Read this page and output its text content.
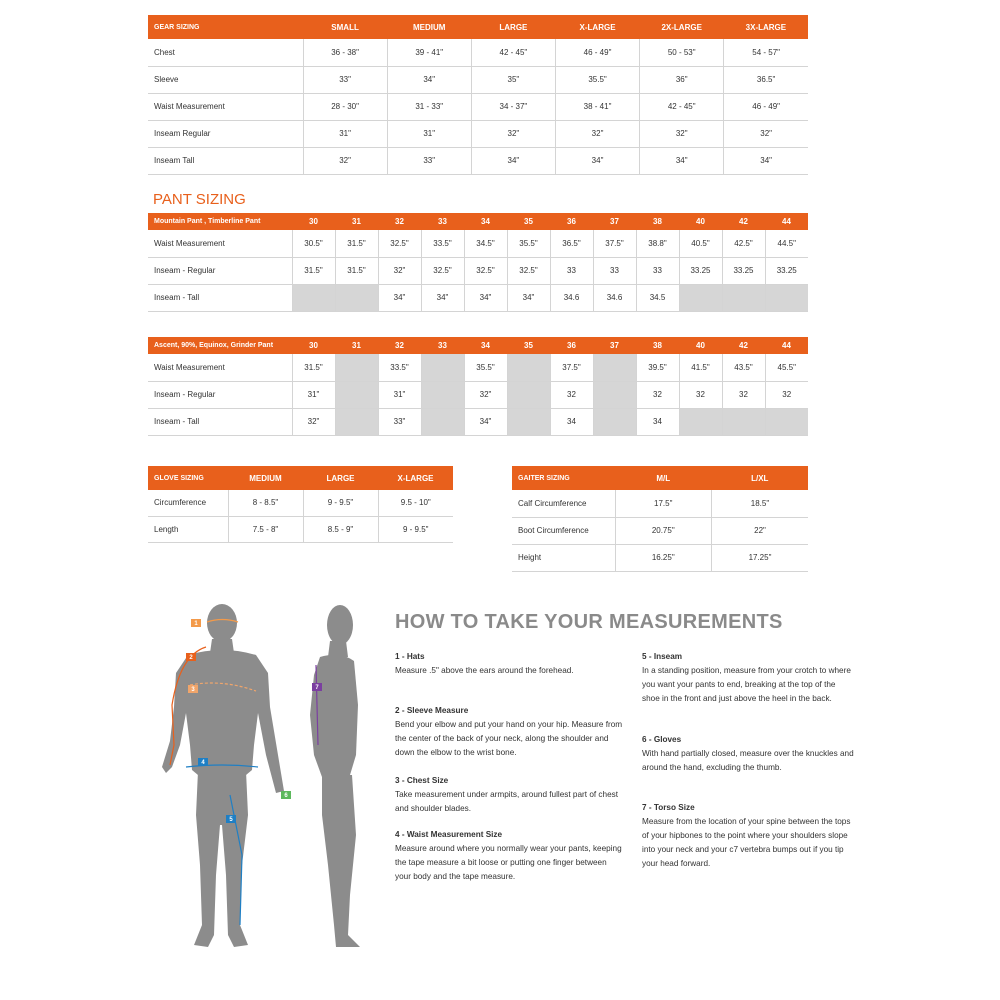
GEAR SIZING	SMALL	MEDIUM	LARGE	X-LARGE	2X-LARGE	3X-LARGE
Chest	36 - 38"	39 - 41"	42 - 45"	46 - 49"	50 - 53"	54 - 57"
Sleeve	33"	34"	35"	35.5"	36"	36.5"
Waist Measurement	28 - 30"	31 - 33"	34 - 37"	38 - 41"	42 - 45"	46 - 49"
Inseam Regular	31"	31"	32"	32"	32"	32"
Inseam Tall	32"	33"	34"	34"	34"	34"
PANT SIZING
Mountain Pant , Timberline Pant	30	31	32	33	34	35	36	37	38	40	42	44
Waist Measurement	30.5"	31.5"	32.5"	33.5"	34.5"	35.5"	36.5"	37.5"	38.8"	40.5"	42.5"	44.5"
Inseam - Regular	31.5"	31.5"	32"	32.5"	32.5"	32.5"	33	33	33	33.25	33.25	33.25
Inseam - Tall			34"	34"	34"	34"	34.6	34.6	34.5			
Ascent, 90%, Equinox, Grinder Pant	30	31	32	33	34	35	36	37	38	40	42	44
Waist Measurement	31.5"		33.5"		35.5"		37.5"		39.5"	41.5"	43.5"	45.5"
Inseam - Regular	31"		31"		32"		32		32	32	32	32
Inseam - Tall	32"		33"		34"		34		34			
GLOVE SIZING	MEDIUM	LARGE	X-LARGE
Circumference	8 - 8.5"	9 - 9.5"	9.5 - 10"
Length	7.5 - 8"	8.5 - 9"	9 - 9.5"
GAITER SIZING	M/L	L/XL
Calf Circumference	17.5"	18.5"
Boot Circumference	20.75"	22"
Height	16.25"	17.25"
1
2
3
4
5
6
7
HOW TO TAKE YOUR MEASUREMENTS
1 - Hats
Measure .5" above the ears around the forehead.
2 - Sleeve Measure
Bend your elbow and put your hand on your hip. Measure from the center of the back of your neck, along the shoulder and down the elbow to the wrist bone.
3 - Chest Size
Take measurement under armpits, around fullest part of chest and shoulder blades.
4 - Waist Measurement Size
Measure around where you normally wear your pants, keeping the tape measure a bit loose or putting one finger between your body and the tape measure.
5 - Inseam
In a standing position, measure from your crotch to where you want your pants to end, breaking at the top of the shoe in the front and just above the heel in the back.
6 - Gloves
With hand partially closed, measure over the knuckles and around the hand, excluding the thumb.
7 - Torso Size
Measure from the location of your spine between the tops of your hipbones to the point where your shoulders slope into your neck and your c7 vertebra bumps out if you tip your head forward.
